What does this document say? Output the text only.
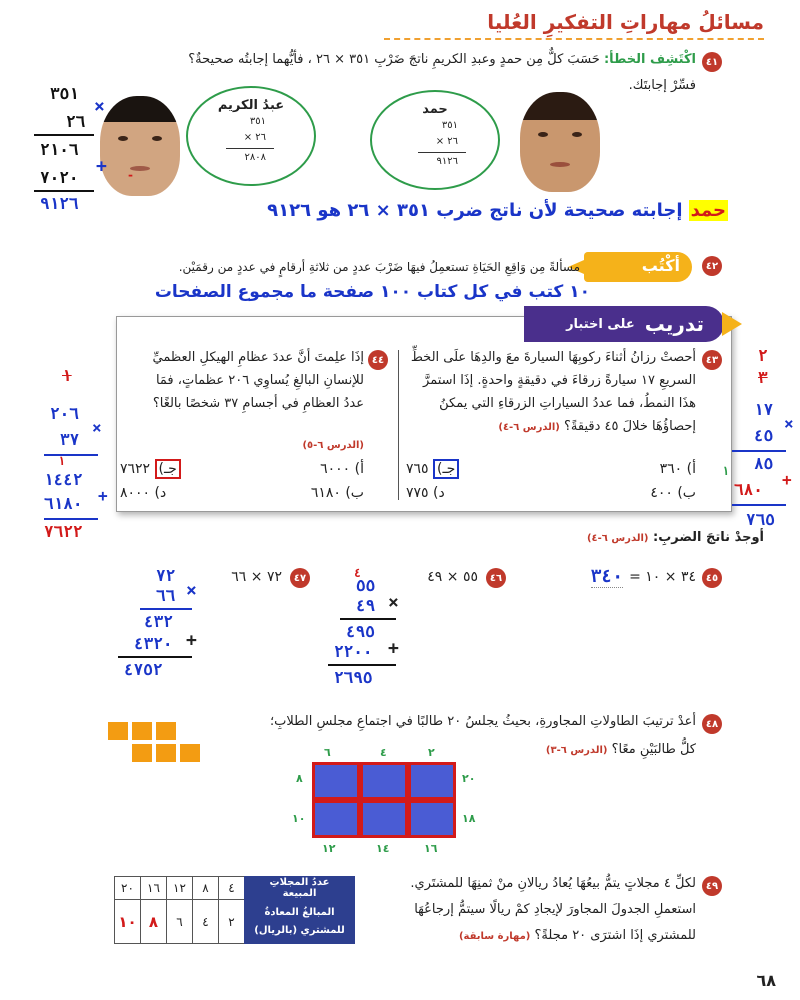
مسائلُ مهاراتِ التفكيرِ العُليا
٤١
اكْتَشِف الخطأ: حَسَبَ كلٌّ مِن حمدٍ وعبدِ الكريمِ ناتجَ ضَرْبِ ٣٥١ × ٢٦ ، فأيُّهما إجابتُه صحيحةٌ؟
فسِّرْ إجابتَك.
حمد
٣٥١
٢٦ ×
٩١٢٦
عبدُ الكريم
٣٥١
٢٦ ×
٢٨٠٨
-
٣٥١
×
٢٦
٢١٠٦
٧٠٢٠
+
٩١٢٦	حمد
إجابته صحيحة لأن ناتج ضرب ٣٥١ × ٢٦ هو ٩١٢٦
٤٢
أكْتُب
مسألةً مِن وَاقِعِ الحَيَاةِ تستعمِلُ فيهَا ضَرْبَ عددٍ من ثلاثةِ أرقامٍ في عددٍ من رقمَيْن.
١٠ كتب في كل كتاب ١٠٠ صفحة ما مجموع الصفحات
تدريب
على اختبار
٤٣
أحصتْ رزانُ أثناءَ ركوبِهَا السيارةَ معَ والدِهَا علَى الخطِّ السريعِ ١٧ سيارةً زرقاءَ في دقيقةٍ واحدةٍ. إذَا استمرَّ هذَا النمطُ، فما عددُ السياراتِ الزرقاءِ التي يمكنُ إحصاؤُهَا خلالَ ٤٥ دقيقةً؟ (الدرس ٦-٤)
أ) ٣٦٠
جـ) ٧٦٥
ب) ٤٠٠
د) ٧٧٥
٤٤
إذَا علِمتَ أنَّ عددَ عظامِ الهيكلِ العظميِّ للإنسانِ البالغِ يُساوِي ٢٠٦ عظماتٍ، فمَا عددُ العظامِ في أجسامِ ٣٧ شخصًا بالغًا؟
(الدرس ٦-٥)
أ) ٦٠٠٠
جـ) ٧٦٢٢
ب) ٦١٨٠
د) ٨٠٠٠
٢
٣
١٧
×
٤٥
٨٥
١
٦٨٠
+
٧٦٥
١
٢٠٦
×
٣٧
١
١٤٤٢
٦١٨٠ +
٧٦٢٢	أوجدْ ناتجَ الضربِ: (الدرس ٦-٤)
٤٥
٣٤ × ١٠ =
٣٤٠
٤٦
٥٥ × ٤٩
٤
٥٥
٤٩ ×
٤٩٥
٢٢٠٠ +
٢٦٩٥
٤٧
٧٢ × ٦٦
٧٢
٦٦ ×
٤٣٢
٤٣٢٠ +
٤٧٥٢
٤٨
أعدْ ترتيبَ الطاولاتِ المجاورةِ، بحيثُ يجلسُ ٢٠ طالبًا في اجتماعِ مجلسِ الطلابِ؛
كلُّ طالبَيْنِ معًا؟ (الدرس ٦-٣)
٢
٤
٦
٨
١٠
٢٠
١٨
١٢	١٤	١٦
٤٩
لكلِّ ٤ مجلاتٍ يتمُّ بيعُهَا يُعادُ ريالانِ منْ ثمنِهَا للمشتَري.
استعملِ الجدولَ المجاورَ لإيجادِ كمْ ريالًا سيتمُّ إرجاعُهَا
للمشتري إذَا اشترَى ٢٠ مجلةً؟ (مهارة سابقة)
عددُ المجلاتِ المبيعة	٤	٨	١٢	١٦	٢٠

المبالغُ المعادةُ
للمشتري (بالريال)	٢	٤	٦	٨	١٠
٦٨
